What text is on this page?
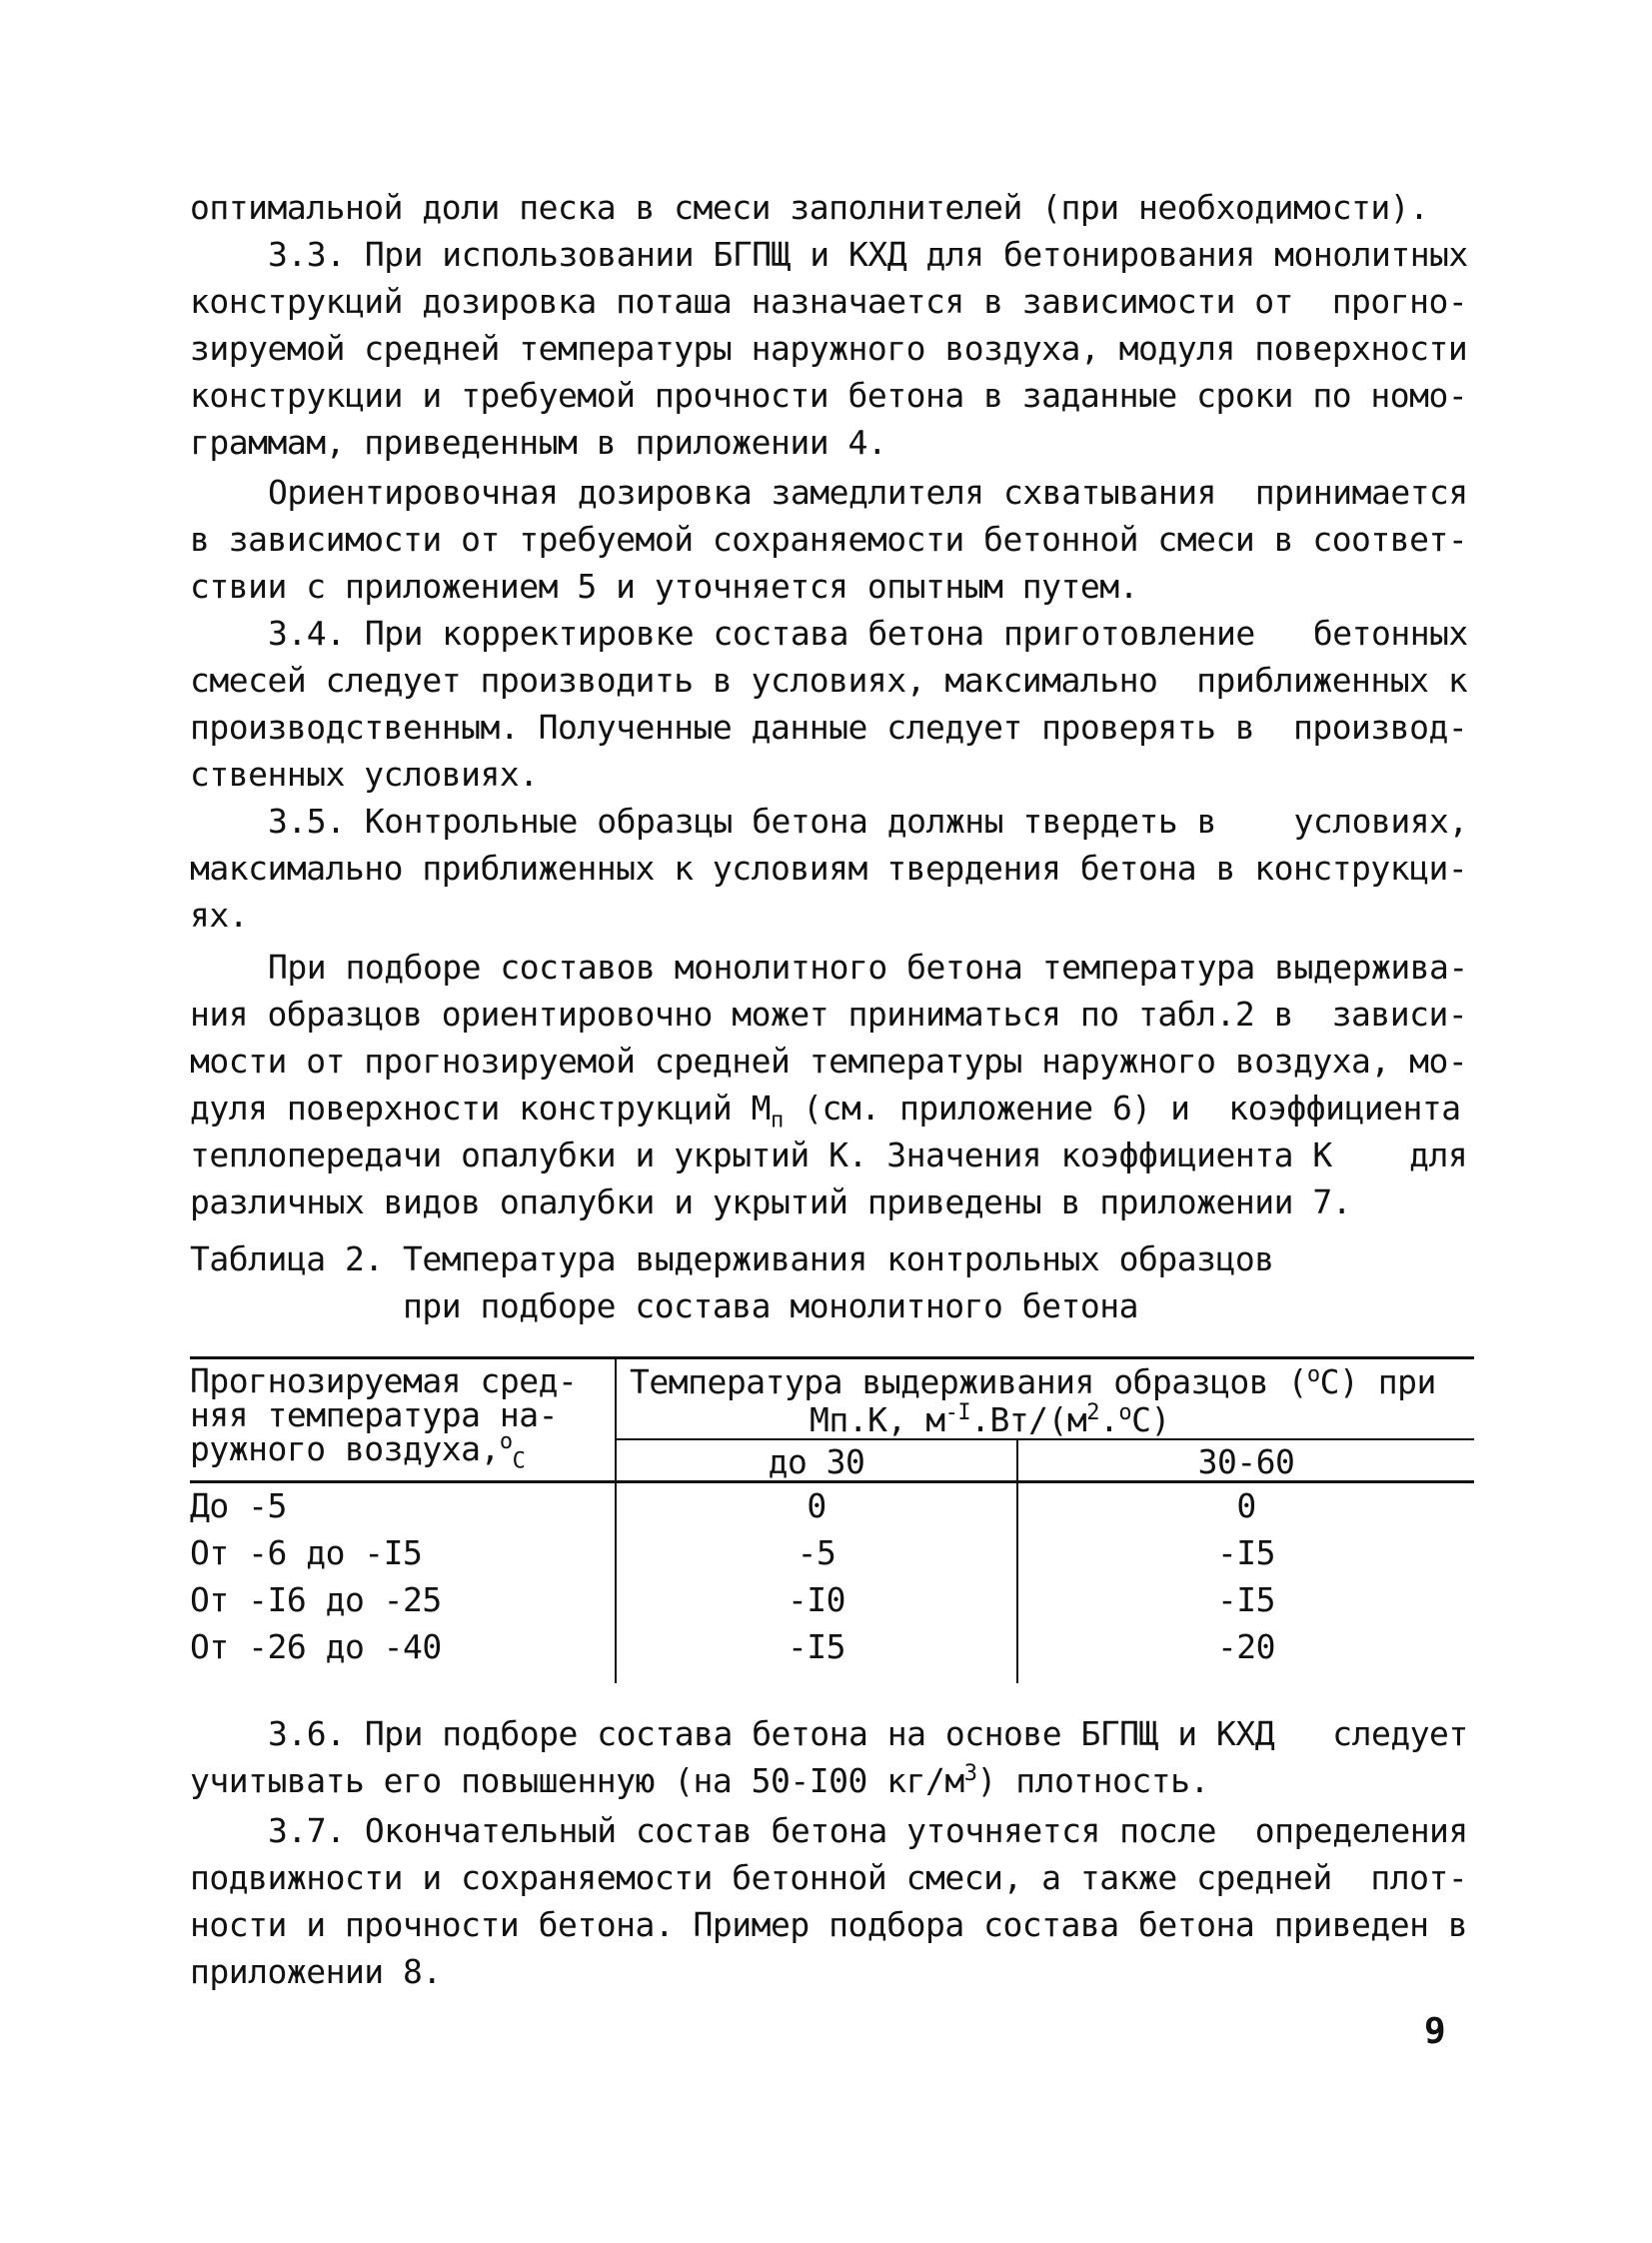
оптимальной доли песка в смеси заполнителей (при необходимости).
3.3. При использовании БГПЩ и КХД для бетонирования монолитных
конструкций дозировка поташа назначается в зависимости от  прогно-
зируемой средней температуры наружного воздуха, модуля поверхности
конструкции и требуемой прочности бетона в заданные сроки по номо-
граммам, приведенным в приложении 4.
Ориентировочная дозировка замедлителя схватывания  принимается
в зависимости от требуемой сохраняемости бетонной смеси в соответ-
ствии с приложением 5 и уточняется опытным путем.
3.4. При корректировке состава бетона приготовление   бетонных
смесей следует производить в условиях, максимально  приближенных к
производственным. Полученные данные следует проверять в  производ-
ственных условиях.
3.5. Контрольные образцы бетона должны твердеть в    условиях,
максимально приближенных к условиям твердения бетона в конструкци-
ях.
При подборе составов монолитного бетона температура выдержива-
ния образцов ориентировочно может приниматься по табл.2 в  зависи-
мости от прогнозируемой средней температуры наружного воздуха, мо-
дуля поверхности конструкций $М_п$ (см. приложение 6) и  коэффициента
теплопередачи опалубки и укрытий К. Значения коэффициента К    для
различных видов опалубки и укрытий приведены в приложении 7.
Таблица 2. Температура выдерживания контрольных образцов
при подборе состава монолитного бетона
Прогнозируемая сред-
няя температура на-
ружного воздуха,$^о_С$
Температура выдерживания образцов ($^о$С) при
Мп.К, $м^{-I}.Вт/(м^2.^оС)$
до 30	30-60
До -5	0	0
От -6 до -I5	-5	-I5
От -I6 до -25	-I0	-I5
От -26 до -40	-I5	-20
3.6. При подборе состава бетона на основе БГПЩ и КХД   следует
учитывать его повышенную (на 50-I00 $кг/м^3$) плотность.
3.7. Окончательный состав бетона уточняется после  определения
подвижности и сохраняемости бетонной смеси, а также средней  плот-
ности и прочности бетона. Пример подбора состава бетона приведен в
приложении 8.
9
